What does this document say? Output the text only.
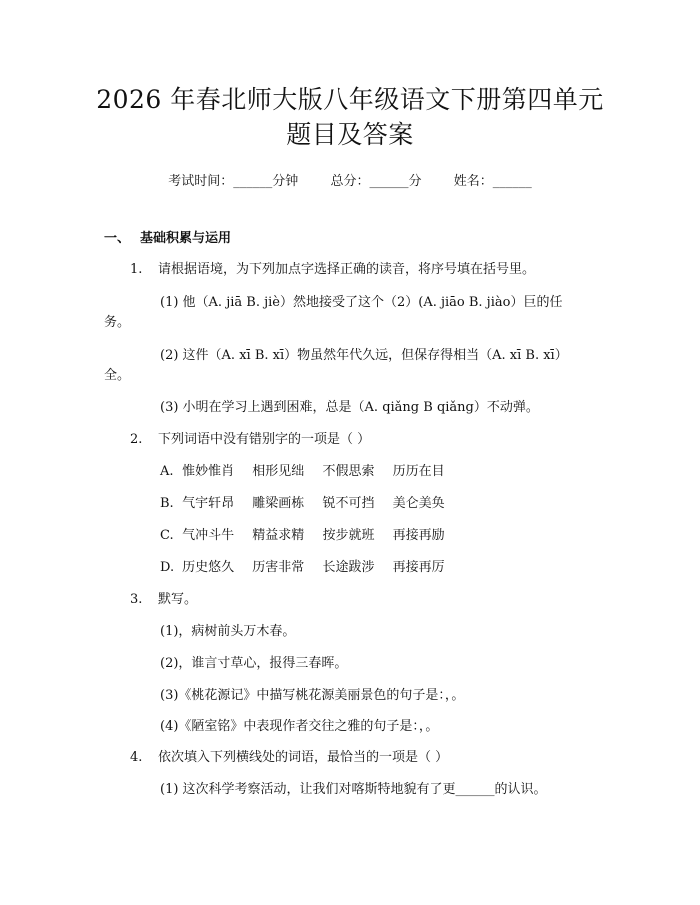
2026 年春北师大版八年级语文下册第四单元
题目及答案
考试时间：______分钟 总分：______分 姓名：______
一、 基础积累与运用
1. 请根据语境，为下列加点字选择正确的读音，将序号填在括号里。
(1) 他（A. jiā B. jiè）然地接受了这个（2）(A. jiāo B. jiào）巨的任
务。
(2) 这件（A. xī B. xī）物虽然年代久远，但保存得相当（A. xī B. xī）
全。
(3) 小明在学习上遇到困难，总是（A. qiǎng B qiǎng）不动弹。
2. 下列词语中没有错别字的一项是（ ）
A. 惟妙惟肖 相形见绌 不假思索 历历在目
B. 气宇轩昂 雕梁画栋 锐不可挡 美仑美奂
C. 气冲斗牛 精益求精 按步就班 再接再励
D. 历史悠久 历害非常 长途跋涉 再接再厉
3. 默写。
(1)，病树前头万木春。
(2)，谁言寸草心，报得三春晖。
(3)《桃花源记》中描写桃花源美丽景色的句子是：，。
(4)《陋室铭》中表现作者交往之雅的句子是：，。
4. 依次填入下列横线处的词语，最恰当的一项是（ ）
(1) 这次科学考察活动，让我们对喀斯特地貌有了更______的认识。
